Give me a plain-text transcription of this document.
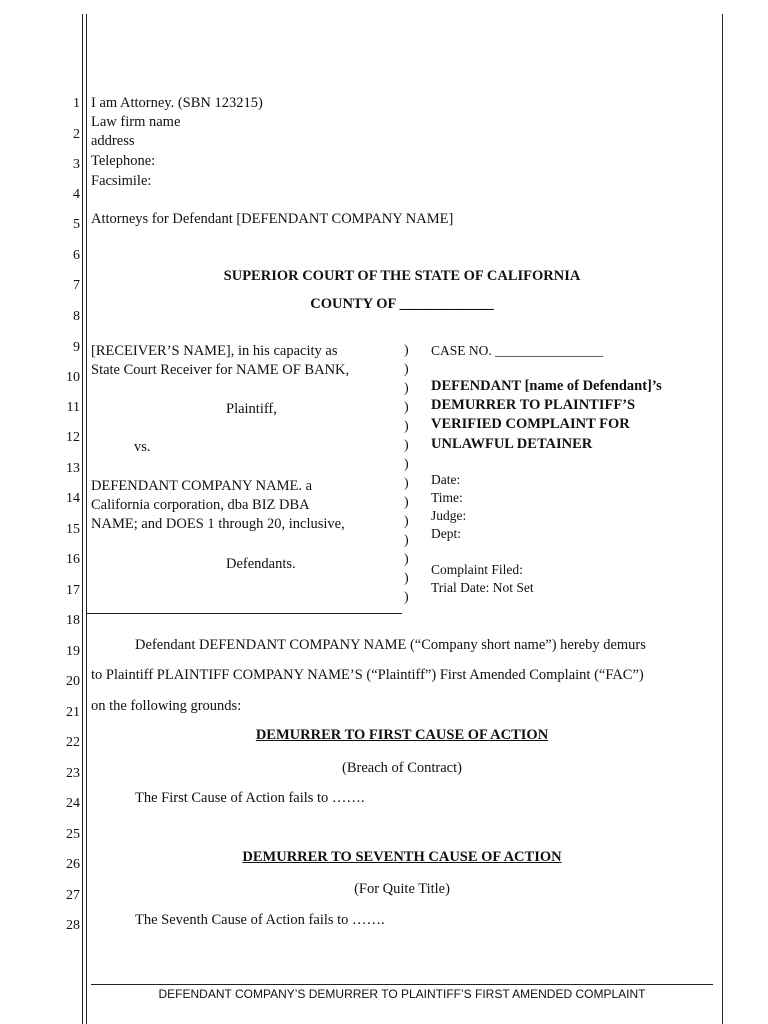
1
2
3
4
5
6
7
8
9
10
11
12
13
14
15
16
17
18
19
20
21
22
23
24
25
26
27
28
I am Attorney. (SBN 123215)
Law firm name
address
Telephone:
Facsimile:
Attorneys for Defendant [DEFENDANT COMPANY NAME]
SUPERIOR COURT OF THE STATE OF CALIFORNIA
COUNTY OF _____________
[RECEIVER’S NAME], in his capacity as
State Court Receiver for NAME OF BANK,
Plaintiff,
vs.
DEFENDANT COMPANY NAME. a
California corporation, dba BIZ DBA
NAME; and DOES 1 through 20, inclusive,
Defendants.
)
)
)
)
)
)
)
)
)
)
)
)
)
)
CASE NO. ________________
DEFENDANT [name of Defendant]’s
DEMURRER TO PLAINTIFF’S
VERIFIED COMPLAINT FOR
UNLAWFUL DETAINER
Date:
Time:
Judge:
Dept:
Complaint Filed:
Trial Date: Not Set
Defendant DEFENDANT COMPANY NAME (“Company short name”) hereby demurs
to Plaintiff PLAINTIFF COMPANY NAME’S (“Plaintiff”) First Amended Complaint (“FAC”)
on the following grounds:
DEMURRER TO FIRST CAUSE OF ACTION
(Breach of Contract)
The First Cause of Action fails to …….
DEMURRER TO SEVENTH CAUSE OF ACTION
(For Quite Title)
The Seventh Cause of Action fails to …….
DEFENDANT COMPANY’S DEMURRER TO PLAINTIFF’S FIRST AMENDED COMPLAINT
